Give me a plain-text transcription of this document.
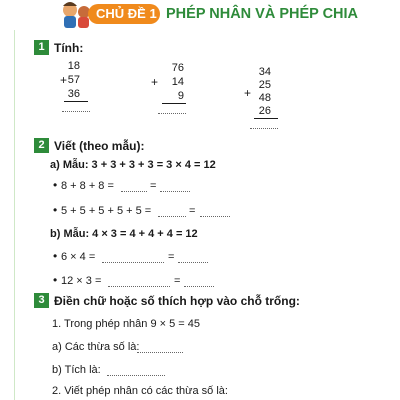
CHỦ ĐỀ 1 PHÉP NHÂN VÀ PHÉP CHIA
1 Tính:
18
+ 57
36
76
+	14
9
34
25
+ 48
26
2 Viết (theo mẫu):
a) Mẫu: 3 + 3 + 3 + 3 = 3 × 4 = 12
• 8 + 8 + 8 =	=
• 5 + 5 + 5 + 5 + 5 =	=
b) Mẫu: 4 × 3 = 4 + 4 + 4 = 12
• 6 × 4 =	=
• 12 × 3 =	=
3 Điền chữ hoặc số thích hợp vào chỗ trống:
1. Trong phép nhân 9 × 5 = 45
a) Các thừa số là:
b) Tích là:
2. Viết phép nhân có các thừa số là:
